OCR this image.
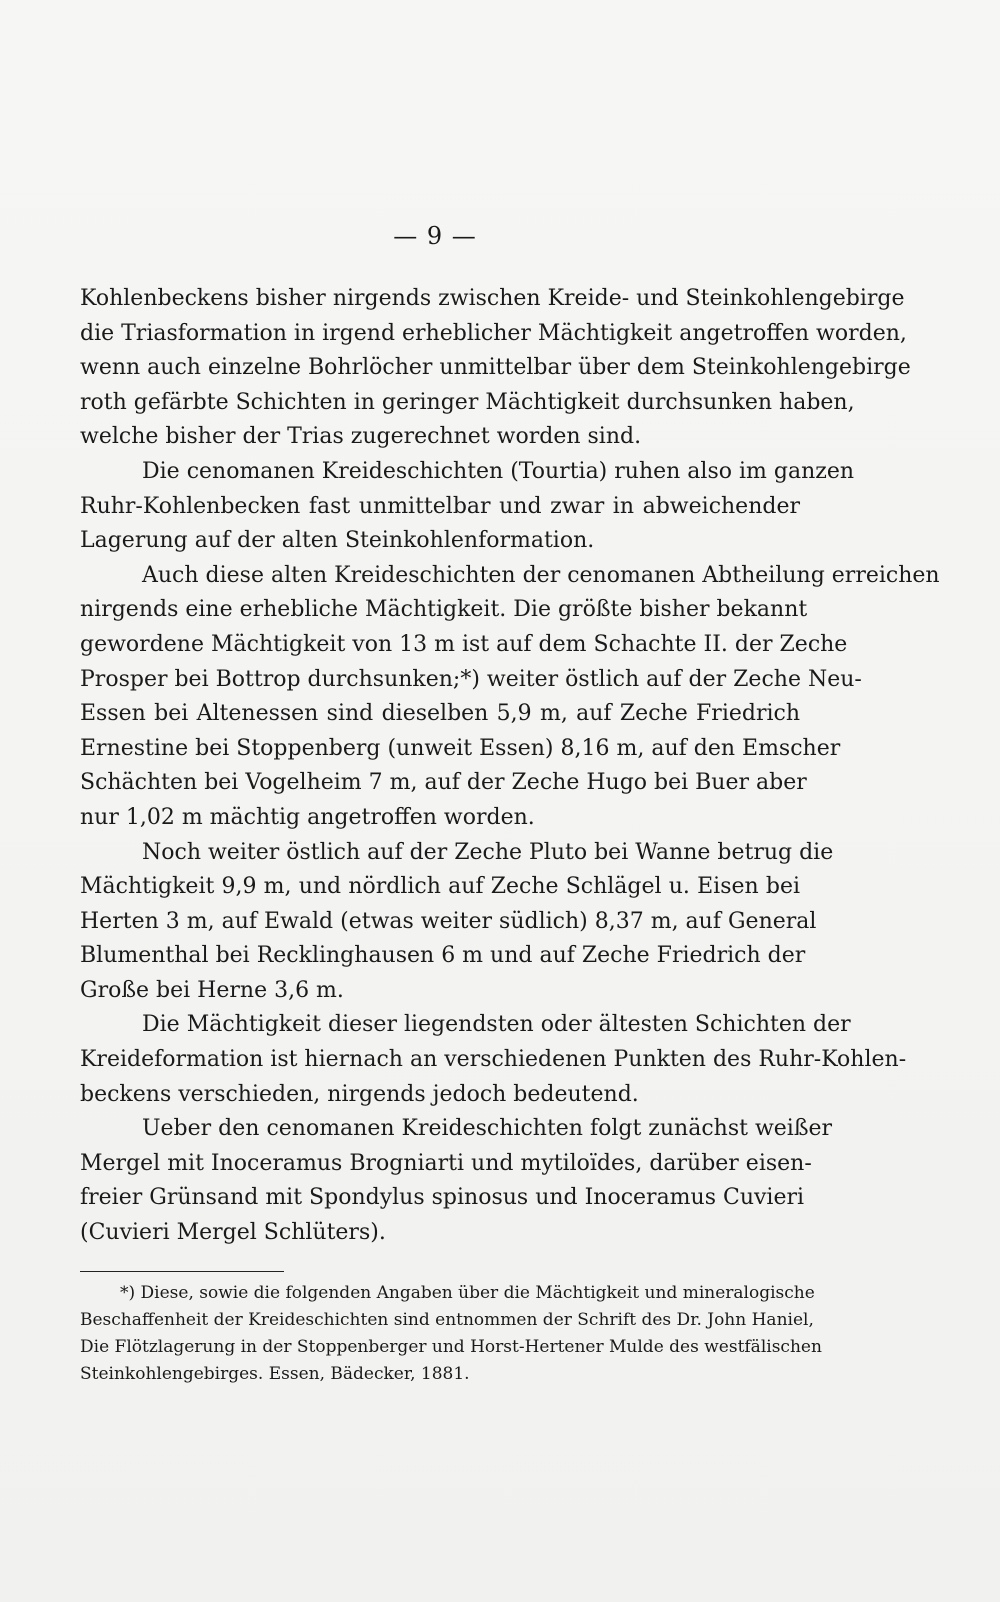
— 9 —
Kohlenbeckens bisher nirgends zwischen Kreide- und Steinkohlengebirge
die Triasformation in irgend erheblicher Mächtigkeit angetroffen worden,
wenn auch einzelne Bohrlöcher unmittelbar über dem Steinkohlengebirge
roth gefärbte Schichten in geringer Mächtigkeit durchsunken haben,
welche bisher der Trias zugerechnet worden sind.
Die cenomanen Kreideschichten (Tourtia) ruhen also im ganzen
Ruhr-Kohlenbecken fast unmittelbar und zwar in abweichender
Lagerung auf der alten Steinkohlenformation.
Auch diese alten Kreideschichten der cenomanen Abtheilung erreichen
nirgends eine erhebliche Mächtigkeit. Die größte bisher bekannt
gewordene Mächtigkeit von 13 m ist auf dem Schachte II. der Zeche
Prosper bei Bottrop durchsunken;*) weiter östlich auf der Zeche Neu-
Essen bei Altenessen sind dieselben 5,9 m, auf Zeche Friedrich
Ernestine bei Stoppenberg (unweit Essen) 8,16 m, auf den Emscher
Schächten bei Vogelheim 7 m, auf der Zeche Hugo bei Buer aber
nur 1,02 m mächtig angetroffen worden.
Noch weiter östlich auf der Zeche Pluto bei Wanne betrug die
Mächtigkeit 9,9 m, und nördlich auf Zeche Schlägel u. Eisen bei
Herten 3 m, auf Ewald (etwas weiter südlich) 8,37 m, auf General
Blumenthal bei Recklinghausen 6 m und auf Zeche Friedrich der
Große bei Herne 3,6 m.
Die Mächtigkeit dieser liegendsten oder ältesten Schichten der
Kreideformation ist hiernach an verschiedenen Punkten des Ruhr-Kohlen-
beckens verschieden, nirgends jedoch bedeutend.
Ueber den cenomanen Kreideschichten folgt zunächst weißer
Mergel mit Inoceramus Brogniarti und mytiloïdes, darüber eisen-
freier Grünsand mit Spondylus spinosus und Inoceramus Cuvieri
(Cuvieri Mergel Schlüters).
*) Diese, sowie die folgenden Angaben über die Mächtigkeit und mineralogische
Beschaffenheit der Kreideschichten sind entnommen der Schrift des Dr. John Haniel,
Die Flötzlagerung in der Stoppenberger und Horst-Hertener Mulde des westfälischen
Steinkohlengebirges. Essen, Bädecker, 1881.
